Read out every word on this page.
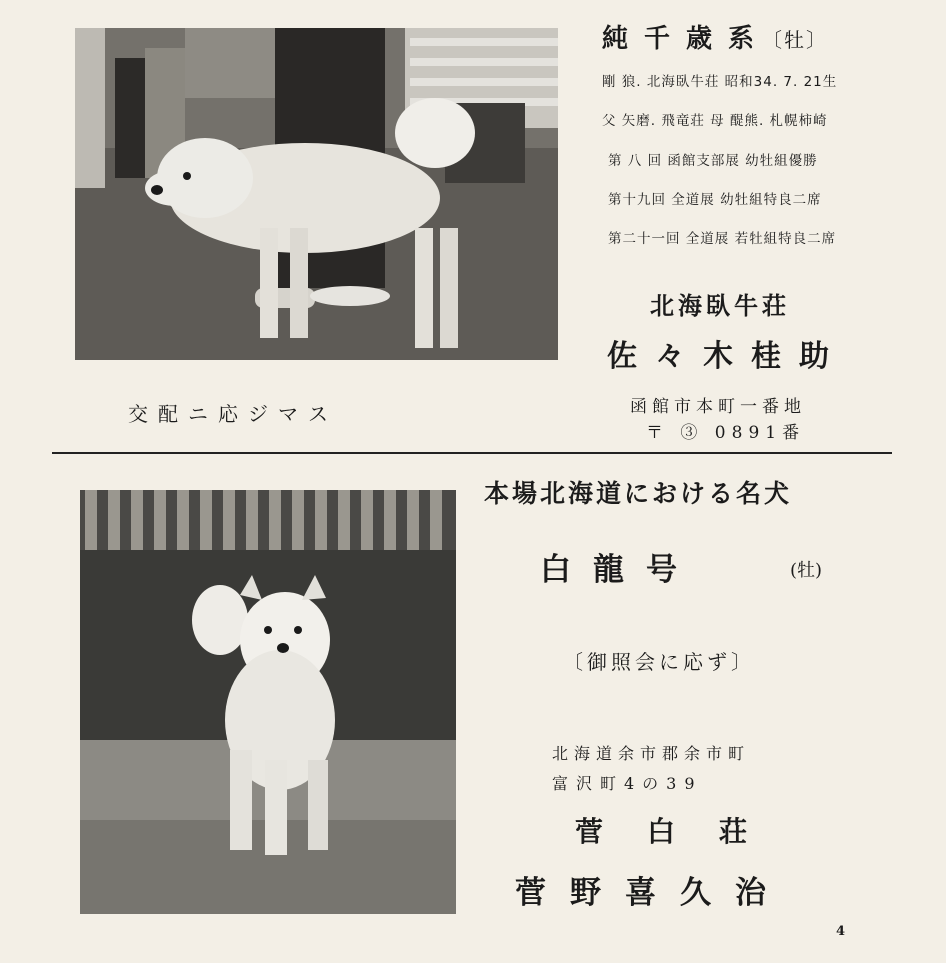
交配ニ応ジマス
純千歳系〔牡〕
剛 狼. 北海臥牛荘 昭和34. 7. 21生
父 矢磨. 飛竜荘 母 醍熊. 札幌柿崎
第 八 回 函館支部展 幼牡組優勝
第十九回 全道展 幼牡組特良二席
第二十一回 全道展 若牡組特良二席
北海臥牛荘
佐々木桂助
函館市本町一番地
〒 ③ 0891番
本場北海道における名犬
白龍号	(牡)
〔御照会に応ず〕
北海道余市郡余市町
富沢町4の39
菅白荘
菅野喜久治
4
